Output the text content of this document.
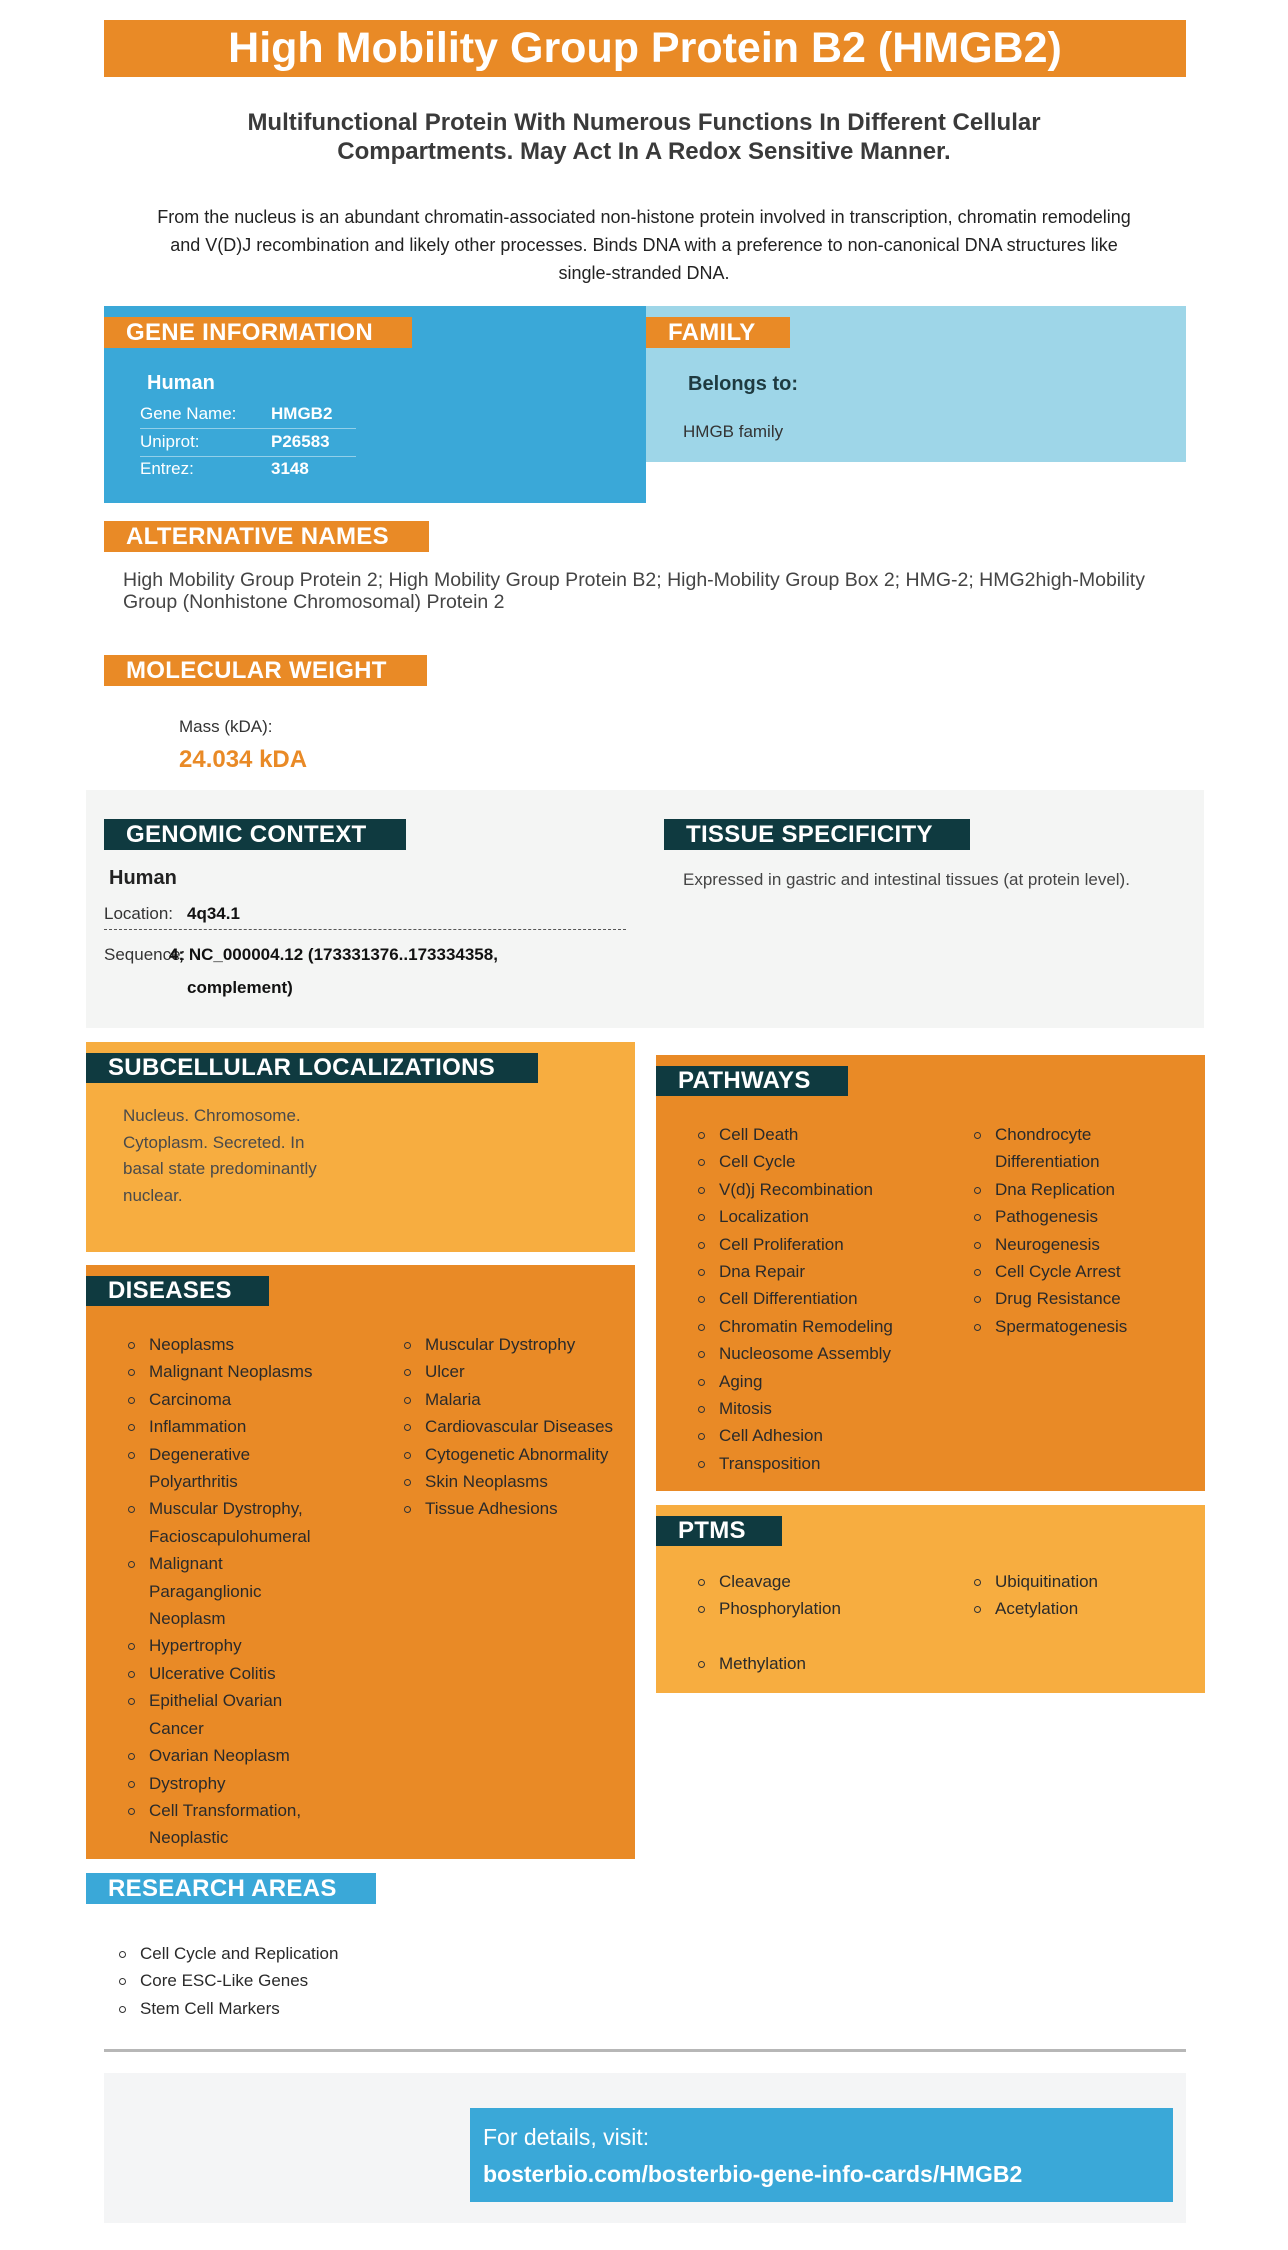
High Mobility Group Protein B2 (HMGB2)
Multifunctional Protein With Numerous Functions In Different Cellular Compartments. May Act In A Redox Sensitive Manner.
From the nucleus is an abundant chromatin-associated non-histone protein involved in transcription, chromatin remodeling and V(D)J recombination and likely other processes. Binds DNA with a preference to non-canonical DNA structures like single-stranded DNA.
GENE INFORMATION
Human
Gene Name: HMGB2
Uniprot:	P26583
Entrez:	3148
FAMILY
Belongs to:
HMGB family
ALTERNATIVE NAMES
High Mobility Group Protein 2; High Mobility Group Protein B2; High-Mobility Group Box 2; HMG-2; HMG2high-Mobility Group (Nonhistone Chromosomal) Protein 2
MOLECULAR WEIGHT
Mass (kDA):
24.034 kDA
GENOMIC CONTEXT
Human
Location: 4q34.1
Sequence:
4; NC_000004.12 (173331376..173334358,
complement)
TISSUE SPECIFICITY
Expressed in gastric and intestinal tissues (at protein level).
SUBCELLULAR LOCALIZATIONS
Nucleus. Chromosome.
Cytoplasm. Secreted. In
basal state predominantly
nuclear.
DISEASES
Neoplasms
Malignant Neoplasms
Carcinoma
Inflammation
Degenerative
Polyarthritis
Muscular Dystrophy,
Facioscapulohumeral
Malignant
Paraganglionic
Neoplasm
Hypertrophy
Ulcerative Colitis
Epithelial Ovarian
Cancer
Ovarian Neoplasm
Dystrophy
Cell Transformation,
Neoplastic
Muscular Dystrophy
Ulcer
Malaria
Cardiovascular Diseases
Cytogenetic Abnormality
Skin Neoplasms
Tissue Adhesions
PATHWAYS
Cell Death
Cell Cycle
V(d)j Recombination
Localization
Cell Proliferation
Dna Repair
Cell Differentiation
Chromatin Remodeling
Nucleosome Assembly
Aging
Mitosis
Cell Adhesion
Transposition
Chondrocyte
Differentiation
Dna Replication
Pathogenesis
Neurogenesis
Cell Cycle Arrest
Drug Resistance
Spermatogenesis
PTMS
Cleavage
Phosphorylation
Methylation
Ubiquitination
Acetylation
RESEARCH AREAS
Cell Cycle and Replication
Core ESC-Like Genes
Stem Cell Markers
For details, visit:
bosterbio.com/bosterbio-gene-info-cards/HMGB2
